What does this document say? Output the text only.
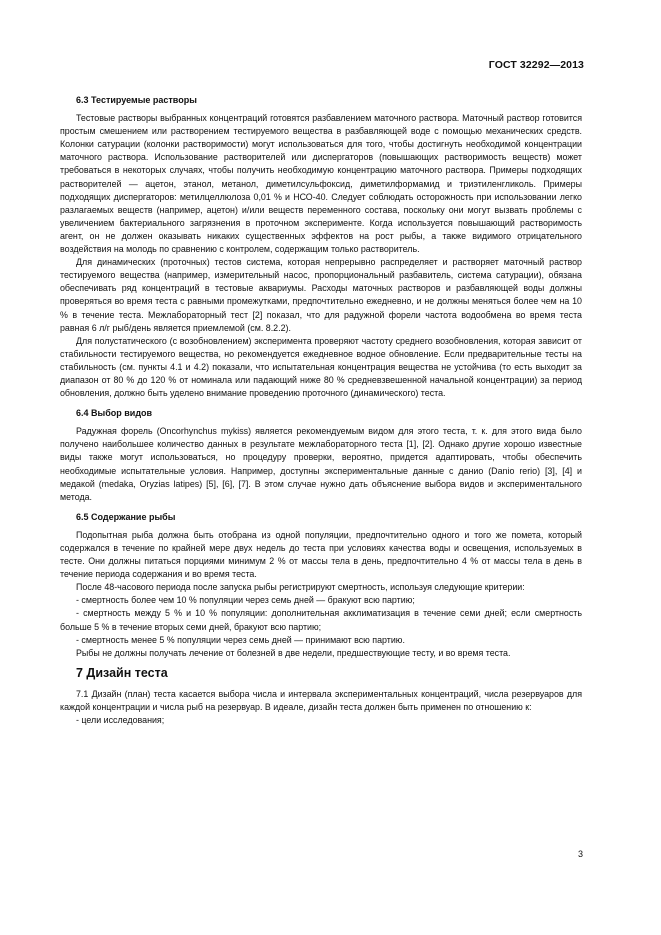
ГОСТ 32292—2013
6.3 Тестируемые растворы

Тестовые растворы выбранных концентраций готовятся разбавлением маточного раствора. Маточный раствор готовится простым смешением или растворением тестируемого вещества в разбавляющей воде с помощью механических средств. Колонки сатурации (колонки растворимости) могут использоваться для того, чтобы достигнуть необходимой концентрации маточного раствора. Использование растворителей или диспергаторов (повышающих растворимость веществ) может требоваться в некоторых случаях, чтобы получить необходимую концентрацию маточного раствора. Примеры подходящих растворителей — ацетон, этанол, метанол, диметилсульфоксид, диметилформамид и триэтиленгликоль. Примеры подходящих диспергаторов: метилцеллюлоза 0,01 % и НСО-40. Следует соблюдать осторожность при использовании легко разлагаемых веществ (например, ацетон) и/или веществ переменного состава, поскольку они могут вызвать проблемы с увеличением бактериального загрязнения в проточном эксперименте. Когда используется повышающий растворимость агент, он не должен оказывать никаких существенных эффектов на рост рыбы, а также видимого отрицательного воздействия на молодь по сравнению с контролем, содержащим только растворитель.

Для динамических (проточных) тестов система, которая непрерывно распределяет и растворяет маточный раствор тестируемого вещества (например, измерительный насос, пропорциональный разбавитель, система сатурации), обязана обеспечивать ряд концентраций в тестовые аквариумы. Расходы маточных растворов и разбавляющей воды должны проверяться во время теста с равными промежутками, предпочтительно ежедневно, и не должны меняться более чем на 10 % в течение теста. Межлабораторный тест [2] показал, что для радужной форели частота водообмена во время теста равная 6 л/г рыб/день является приемлемой (см. 8.2.2).

Для полустатического (с возобновлением) эксперимента проверяют частоту среднего возобновления, которая зависит от стабильности тестируемого вещества, но рекомендуется ежедневное водное обновление. Если предварительные тесты на стабильность (см. пункты 4.1 и 4.2) показали, что испытательная концентрация вещества не устойчива (то есть выходит за диапазон от 80 % до 120 % от номинала или падающий ниже 80 % средневзвешенной начальной концентрации) за период обновления, должно быть уделено внимание проведению проточного (динамического) теста.

6.4 Выбор видов

Радужная форель (Oncorhynchus mykiss) является рекомендуемым видом для этого теста, т. к. для этого вида было получено наибольшее количество данных в результате межлабораторного теста [1], [2]. Однако другие хорошо известные виды также могут использоваться, но процедуру проверки, вероятно, придется адаптировать, чтобы обеспечить необходимые испытательные условия. Например, доступны экспериментальные данные с данио (Danio rerio) [3], [4] и медакой (medaka, Oryzias latipes) [5], [6], [7]. В этом случае нужно дать объяснение выбора видов и экспериментального метода.

6.5 Содержание рыбы

Подопытная рыба должна быть отобрана из одной популяции, предпочтительно одного и того же помета, который содержался в течение по крайней мере двух недель до теста при условиях качества воды и освещения, используемых в тесте. Они должны питаться порциями минимум 2 % от массы тела в день, предпочтительно 4 % от массы тела в день в течение периода содержания и во время теста.

После 48-часового периода после запуска рыбы регистрируют смертность, используя следующие критерии:

- смертность более чем 10 % популяции через семь дней — бракуют всю партию;

- смертность между 5 % и 10 % популяции: дополнительная акклиматизация в течение семи дней; если смертность больше 5 % в течение вторых семи дней, бракуют всю партию;

- смертность менее 5 % популяции через семь дней — принимают всю партию.

Рыбы не должны получать лечение от болезней в две недели, предшествующие тесту, и во время теста.

7 Дизайн теста

7.1 Дизайн (план) теста касается выбора числа и интервала экспериментальных концентраций, числа резервуаров для каждой концентрации и числа рыб на резервуар. В идеале, дизайн теста должен быть применен по отношению к:

- цели исследования;

3
